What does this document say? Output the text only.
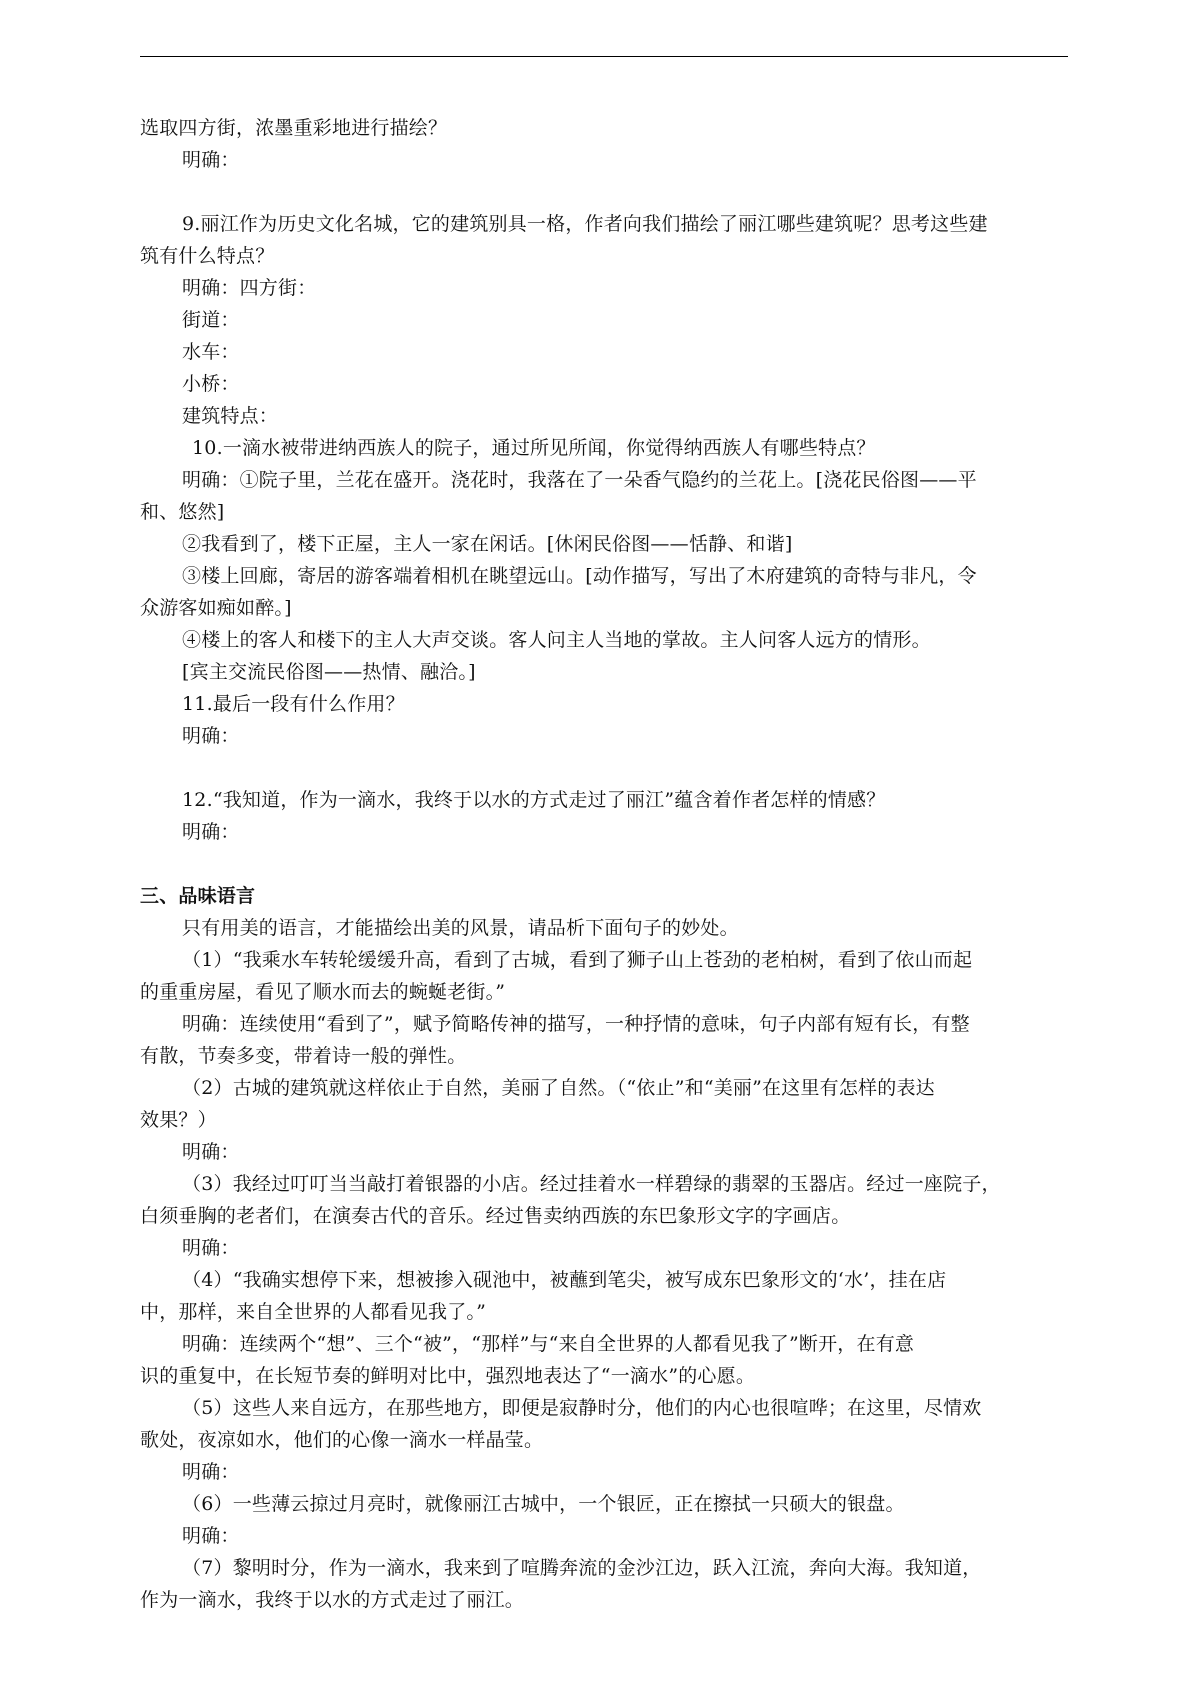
选取四方街，浓墨重彩地进行描绘？
明确：
9.丽江作为历史文化名城，它的建筑别具一格，作者向我们描绘了丽江哪些建筑呢？思考这些建
筑有什么特点？
明确：四方街：
街道：
水车：
小桥：
建筑特点：
10.一滴水被带进纳西族人的院子，通过所见所闻，你觉得纳西族人有哪些特点？
明确：①院子里，兰花在盛开。浇花时，我落在了一朵香气隐约的兰花上。[浇花民俗图——平
和、悠然]
②我看到了，楼下正屋，主人一家在闲话。[休闲民俗图——恬静、和谐]
③楼上回廊，寄居的游客端着相机在眺望远山。[动作描写，写出了木府建筑的奇特与非凡，令
众游客如痴如醉。]
④楼上的客人和楼下的主人大声交谈。客人问主人当地的掌故。主人问客人远方的情形。
[宾主交流民俗图——热情、融洽。]
11.最后一段有什么作用？
明确：
12.“我知道，作为一滴水，我终于以水的方式走过了丽江”蕴含着作者怎样的情感？
明确：
三、品味语言
只有用美的语言，才能描绘出美的风景，请品析下面句子的妙处。
（1）“我乘水车转轮缓缓升高，看到了古城，看到了狮子山上苍劲的老柏树，看到了依山而起
的重重房屋，看见了顺水而去的蜿蜒老街。”
明确：连续使用“看到了”，赋予简略传神的描写，一种抒情的意味，句子内部有短有长，有整
有散，节奏多变，带着诗一般的弹性。
（2）古城的建筑就这样依止于自然，美丽了自然。（“依止”和“美丽”在这里有怎样的表达
效果？）
明确：
（3）我经过叮叮当当敲打着银器的小店。经过挂着水一样碧绿的翡翠的玉器店。经过一座院子，
白须垂胸的老者们，在演奏古代的音乐。经过售卖纳西族的东巴象形文字的字画店。
明确：
（4）“我确实想停下来，想被掺入砚池中，被蘸到笔尖，被写成东巴象形文的‘水’，挂在店
中，那样，来自全世界的人都看见我了。”
明确：连续两个“想”、三个“被”，“那样”与“来自全世界的人都看见我了”断开，在有意
识的重复中，在长短节奏的鲜明对比中，强烈地表达了“一滴水”的心愿。
（5）这些人来自远方，在那些地方，即便是寂静时分，他们的内心也很喧哗；在这里，尽情欢
歌处，夜凉如水，他们的心像一滴水一样晶莹。
明确：
（6）一些薄云掠过月亮时，就像丽江古城中，一个银匠，正在擦拭一只硕大的银盘。
明确：
（7）黎明时分，作为一滴水，我来到了喧腾奔流的金沙江边，跃入江流，奔向大海。我知道，
作为一滴水，我终于以水的方式走过了丽江。
